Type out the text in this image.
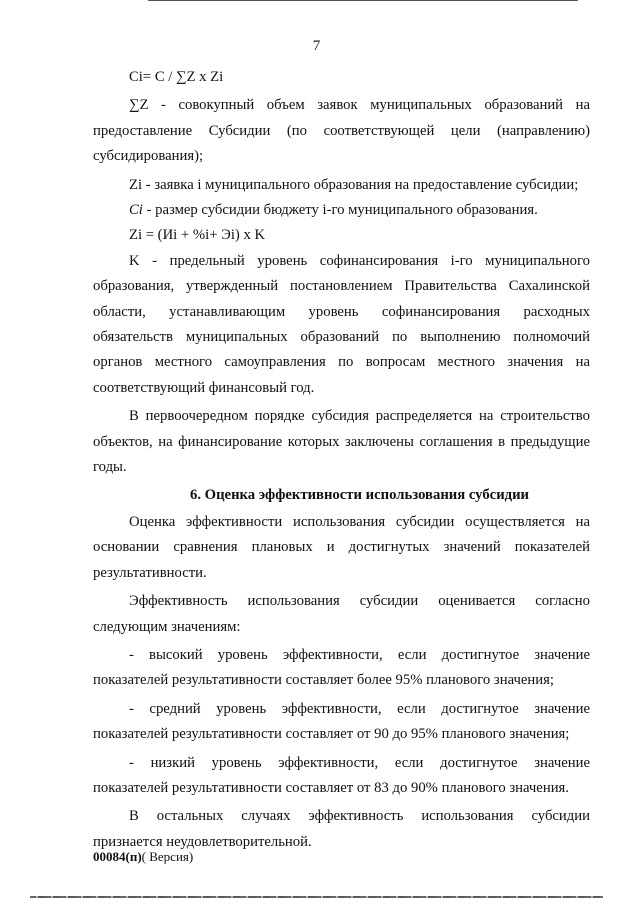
7

Ci= C / ∑Z x Zi

∑Z - совокупный объем заявок муниципальных образований на

предоставление Субсидии (по соответствующей цели (направлению)

субсидирования);

Zi - заявка i муниципального образования на предоставление субсидии;

Ci - размер субсидии бюджету i-го муниципального образования.

Zi = (Иi + %i+ Эi) x K

K - предельный уровень софинансирования i-го муниципального

образования, утвержденный постановлением Правительства Сахалинской

области, устанавливающим уровень софинансирования расходных

обязательств муниципальных образований по выполнению полномочий

органов местного самоуправления по вопросам местного значения на

соответствующий финансовый год.

В первоочередном порядке субсидия распределяется на строительство

объектов, на финансирование которых заключены соглашения в предыдущие

годы.

6. Оценка эффективности использования субсидии

Оценка эффективности использования субсидии осуществляется на

основании сравнения плановых и достигнутых значений показателей

результативности.

Эффективность использования субсидии оценивается согласно

следующим значениям:

- высокий уровень эффективности, если достигнутое значение

показателей результативности составляет более 95% планового значения;

- средний уровень эффективности, если достигнутое значение

показателей результативности составляет от 90 до 95% планового значения;

- низкий уровень эффективности, если достигнутое значение

показателей результативности составляет от 83 до 90% планового значения.

В остальных случаях эффективность использования субсидии

признается неудовлетворительной.

00084(п)( Версия)
